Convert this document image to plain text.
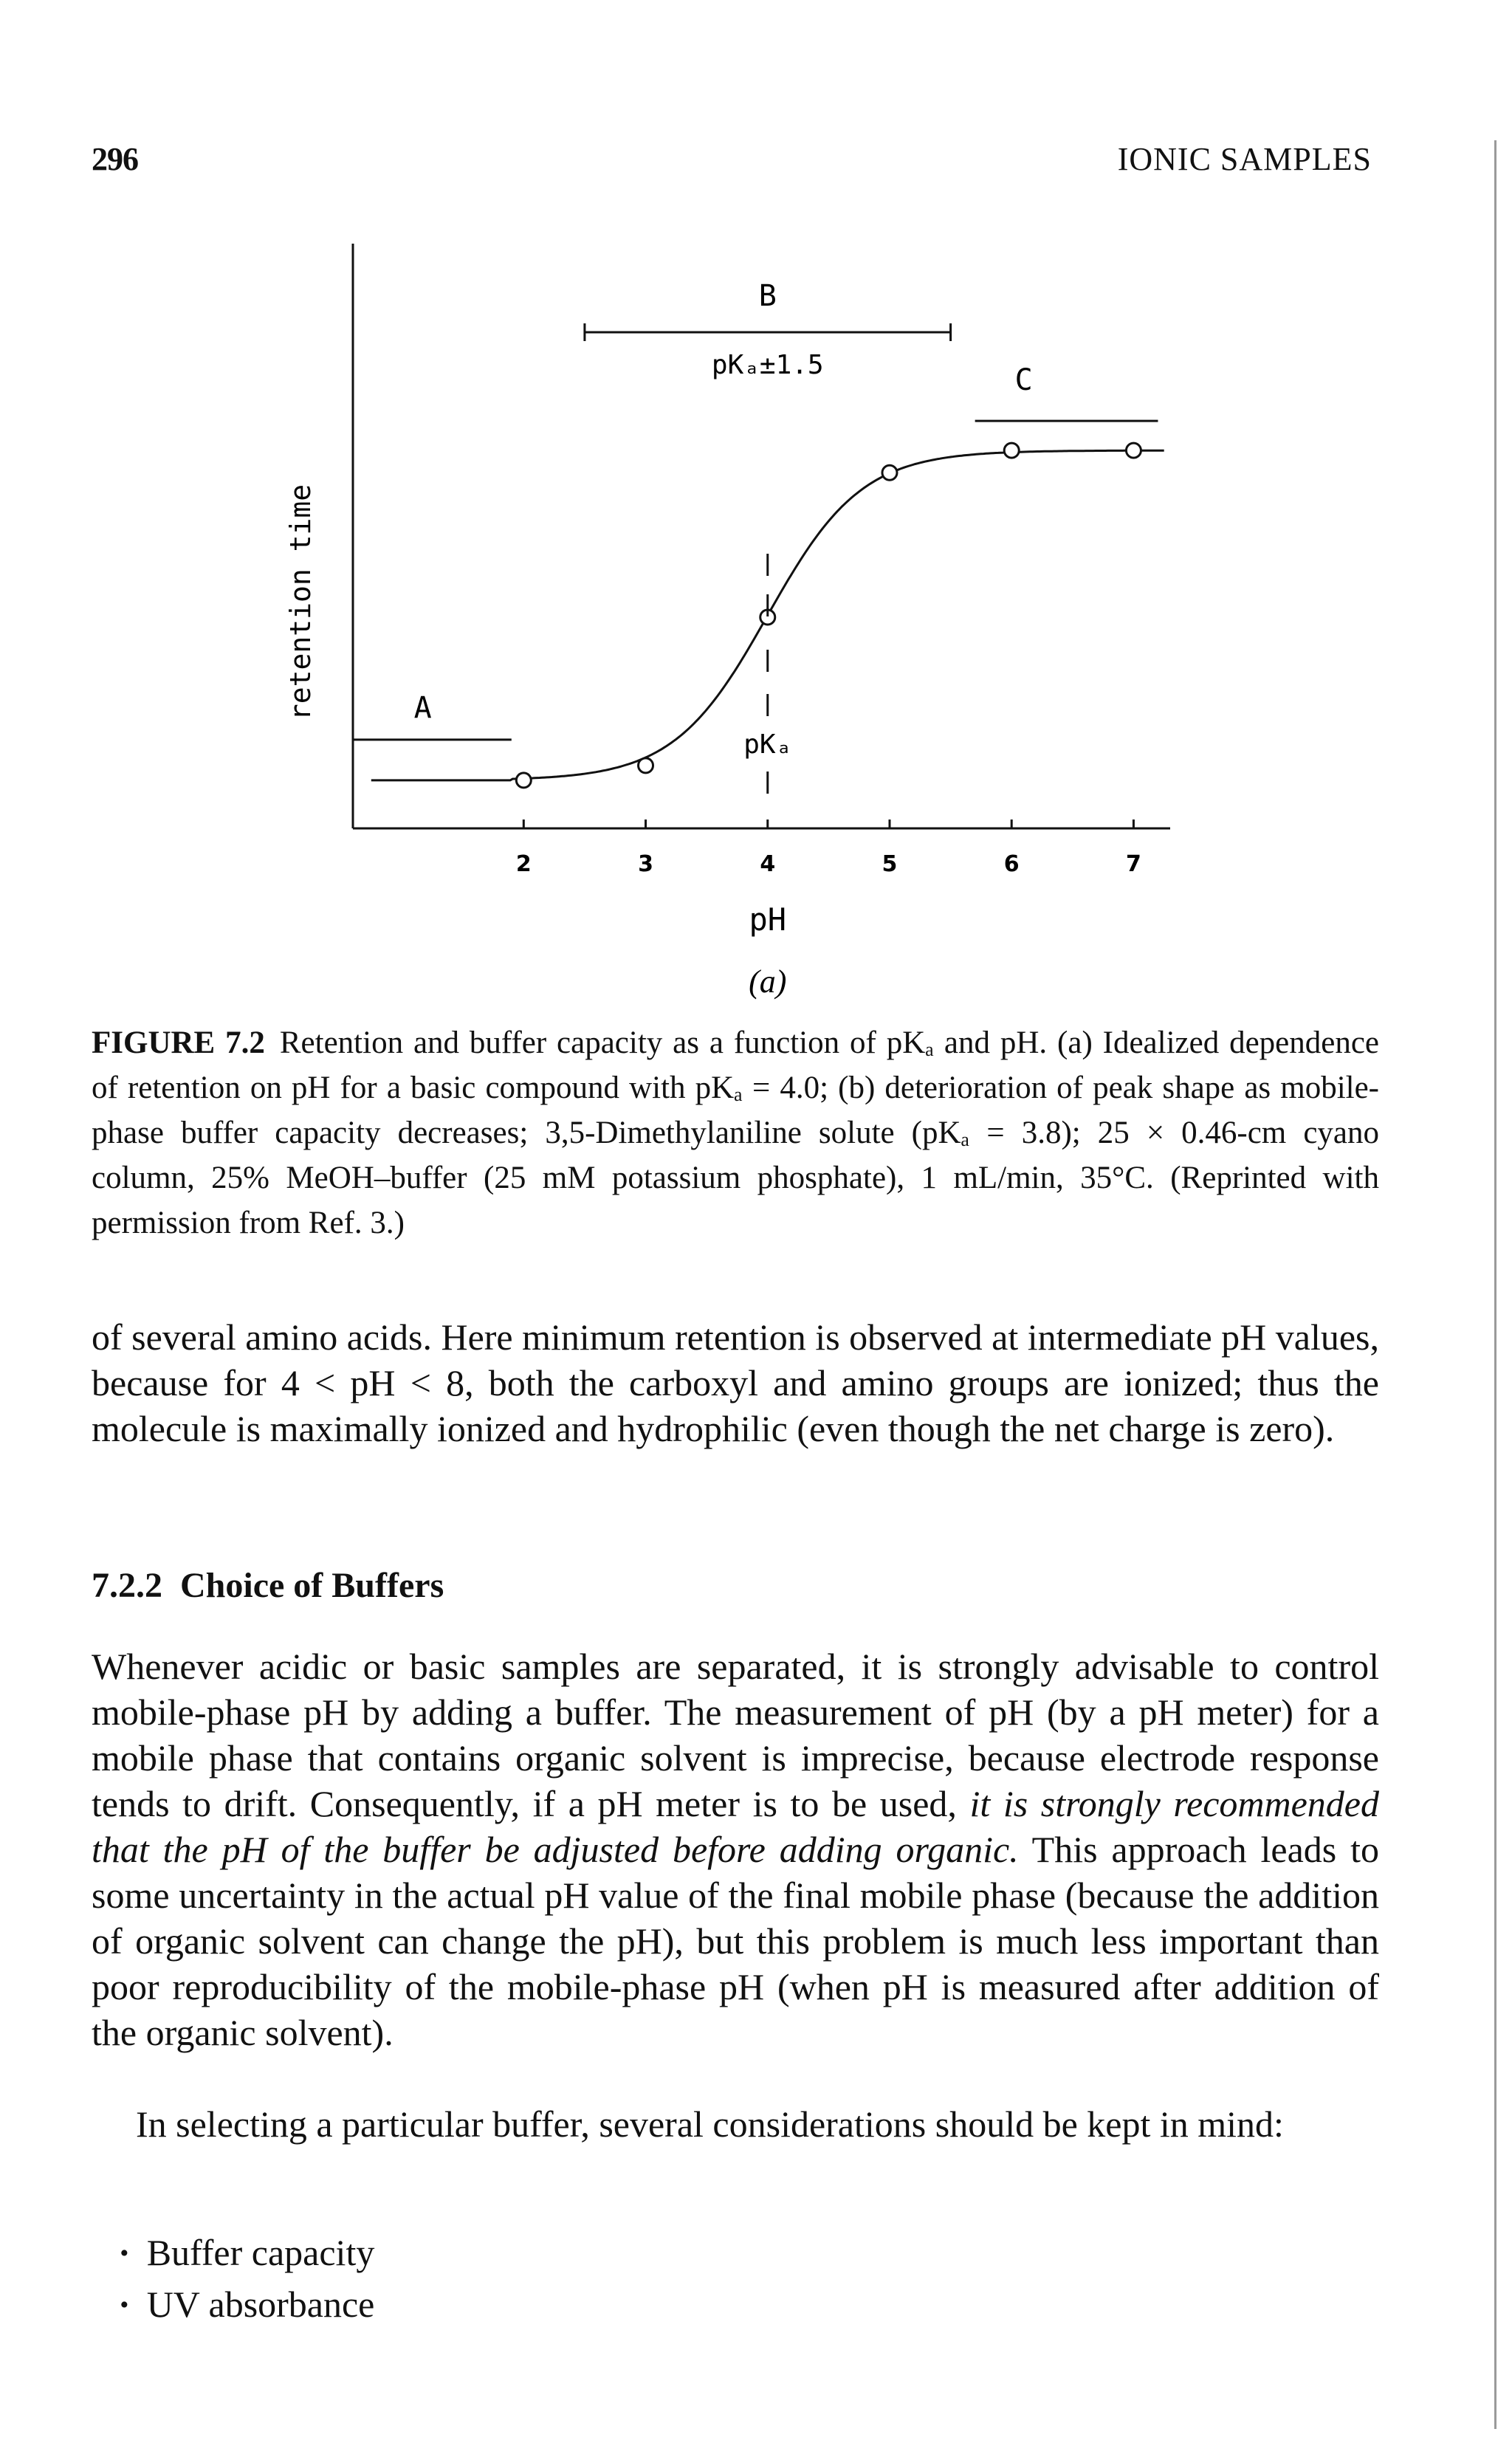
296	IONIC SAMPLES
2	3	4	5	6	7
A
B
C
pKₐ±1.5
pKₐ
retention time
pH
(a)

FIGURE 7.2 Retention and buffer capacity as a function of pKₐ and pH. (a) Idealized dependence of retention on pH for a basic compound with pKₐ = 4.0; (b) deterioration of peak shape as mobile-phase buffer capacity decreases; 3,5-Dimethylaniline solute (pKₐ = 3.8); 25 × 0.46-cm cyano column, 25% MeOH–buffer (25 mM potassium phosphate), 1 mL/min, 35°C. (Reprinted with permission from Ref. 3.)

of several amino acids. Here minimum retention is observed at intermediate pH values, because for 4 < pH < 8, both the carboxyl and amino groups are ionized; thus the molecule is maximally ionized and hydrophilic (even though the net charge is zero).

7.2.2 Choice of Buffers

Whenever acidic or basic samples are separated, it is strongly advisable to control mobile-phase pH by adding a buffer. The measurement of pH (by a pH meter) for a mobile phase that contains organic solvent is imprecise, because electrode response tends to drift. Consequently, if a pH meter is to be used, it is strongly recommended that the pH of the buffer be adjusted before adding organic. This approach leads to some uncertainty in the actual pH value of the final mobile phase (because the addition of organic solvent can change the pH), but this problem is much less important than poor reproducibility of the mobile-phase pH (when pH is measured after addition of the organic solvent).

In selecting a particular buffer, several considerations should be kept in mind:

· Buffer capacity
· UV absorbance
